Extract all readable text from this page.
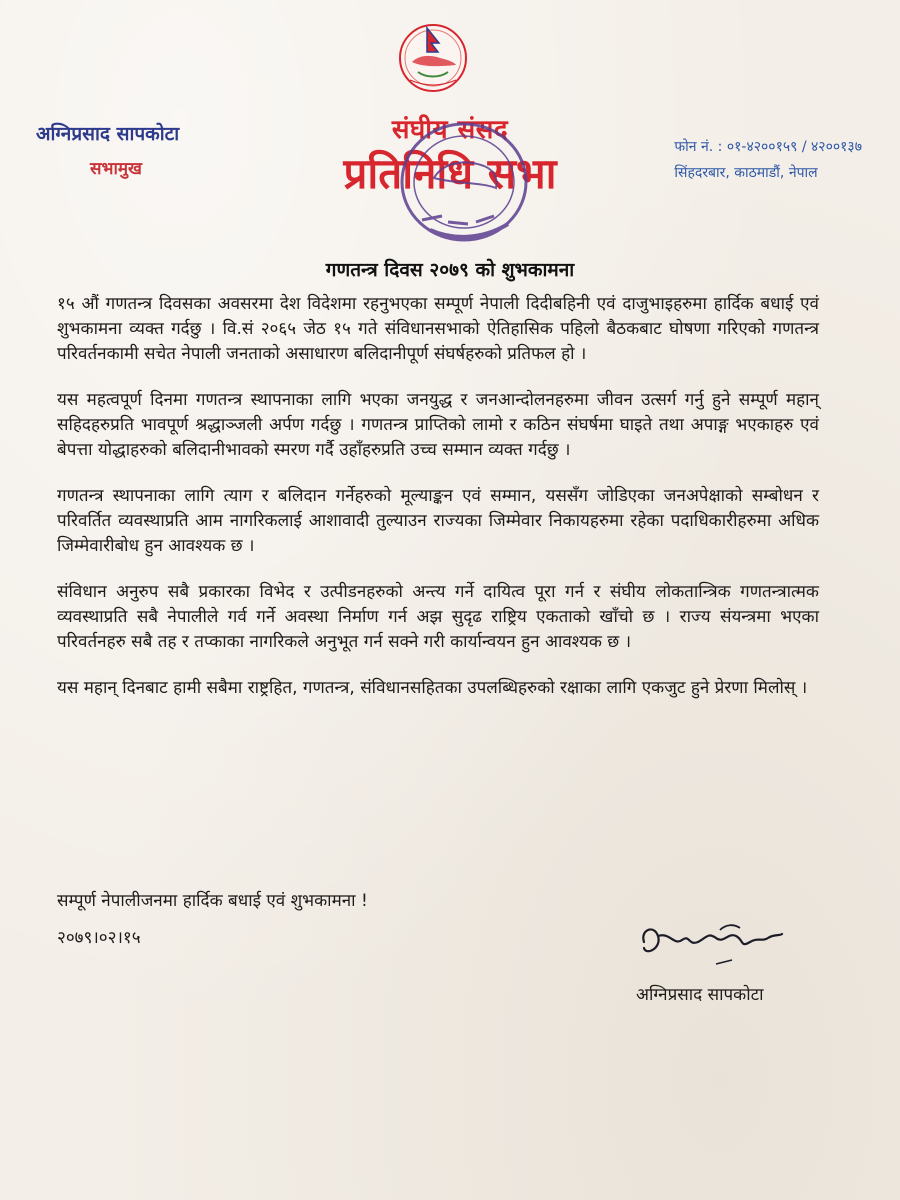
अग्निप्रसाद सापकोटा
सभामुख
फोन नं. : ०१-४२००१५९ / ४२००१३७
सिंहदरबार, काठमाडौं, नेपाल
संघीय संसद
प्रतिनिधि सभा
गणतन्त्र दिवस २०७९ को शुभकामना

१५ औं गणतन्त्र दिवसका अवसरमा देश विदेशमा रहनुभएका सम्पूर्ण नेपाली दिदीबहिनी एवं दाजुभाइहरुमा हार्दिक बधाई एवं शुभकामना व्यक्त गर्दछु । वि.सं २०६५ जेठ १५ गते संविधानसभाको ऐतिहासिक पहिलो बैठकबाट घोषणा गरिएको गणतन्त्र परिवर्तनकामी सचेत नेपाली जनताको असाधारण बलिदानीपूर्ण संघर्षहरुको प्रतिफल हो ।

यस महत्वपूर्ण दिनमा गणतन्त्र स्थापनाका लागि भएका जनयुद्ध र जनआन्दोलनहरुमा जीवन उत्सर्ग गर्नु हुने सम्पूर्ण महान् सहिदहरुप्रति भावपूर्ण श्रद्धाञ्जली अर्पण गर्दछु । गणतन्त्र प्राप्तिको लामो र कठिन संघर्षमा घाइते तथा अपाङ्ग भएकाहरु एवं बेपत्ता योद्धाहरुको बलिदानीभावको स्मरण गर्दै उहाँहरुप्रति उच्च सम्मान व्यक्त गर्दछु ।

गणतन्त्र स्थापनाका लागि त्याग र बलिदान गर्नेहरुको मूल्याङ्कन एवं सम्मान, यससँग जोडिएका जनअपेक्षाको सम्बोधन र परिवर्तित व्यवस्थाप्रति आम नागरिकलाई आशावादी तुल्याउन राज्यका जिम्मेवार निकायहरुमा रहेका पदाधिकारीहरुमा अधिक जिम्मेवारीबोध हुन आवश्यक छ ।

संविधान अनुरुप सबै प्रकारका विभेद र उत्पीडनहरुको अन्त्य गर्ने दायित्व पूरा गर्न र संघीय लोकतान्त्रिक गणतन्त्रात्मक व्यवस्थाप्रति सबै नेपालीले गर्व गर्ने अवस्था निर्माण गर्न अझ सुदृढ राष्ट्रिय एकताको खाँचो छ । राज्य संयन्त्रमा भएका परिवर्तनहरु सबै तह र तप्काका नागरिकले अनुभूत गर्न सक्ने गरी कार्यान्वयन हुन आवश्यक छ ।

यस महान् दिनबाट हामी सबैमा राष्ट्रहित, गणतन्त्र, संविधानसहितका उपलब्धिहरुको रक्षाका लागि एकजुट हुने प्रेरणा मिलोस् ।

सम्पूर्ण नेपालीजनमा हार्दिक बधाई एवं शुभकामना !
२०७९।०२।१५
अग्निप्रसाद सापकोटा
